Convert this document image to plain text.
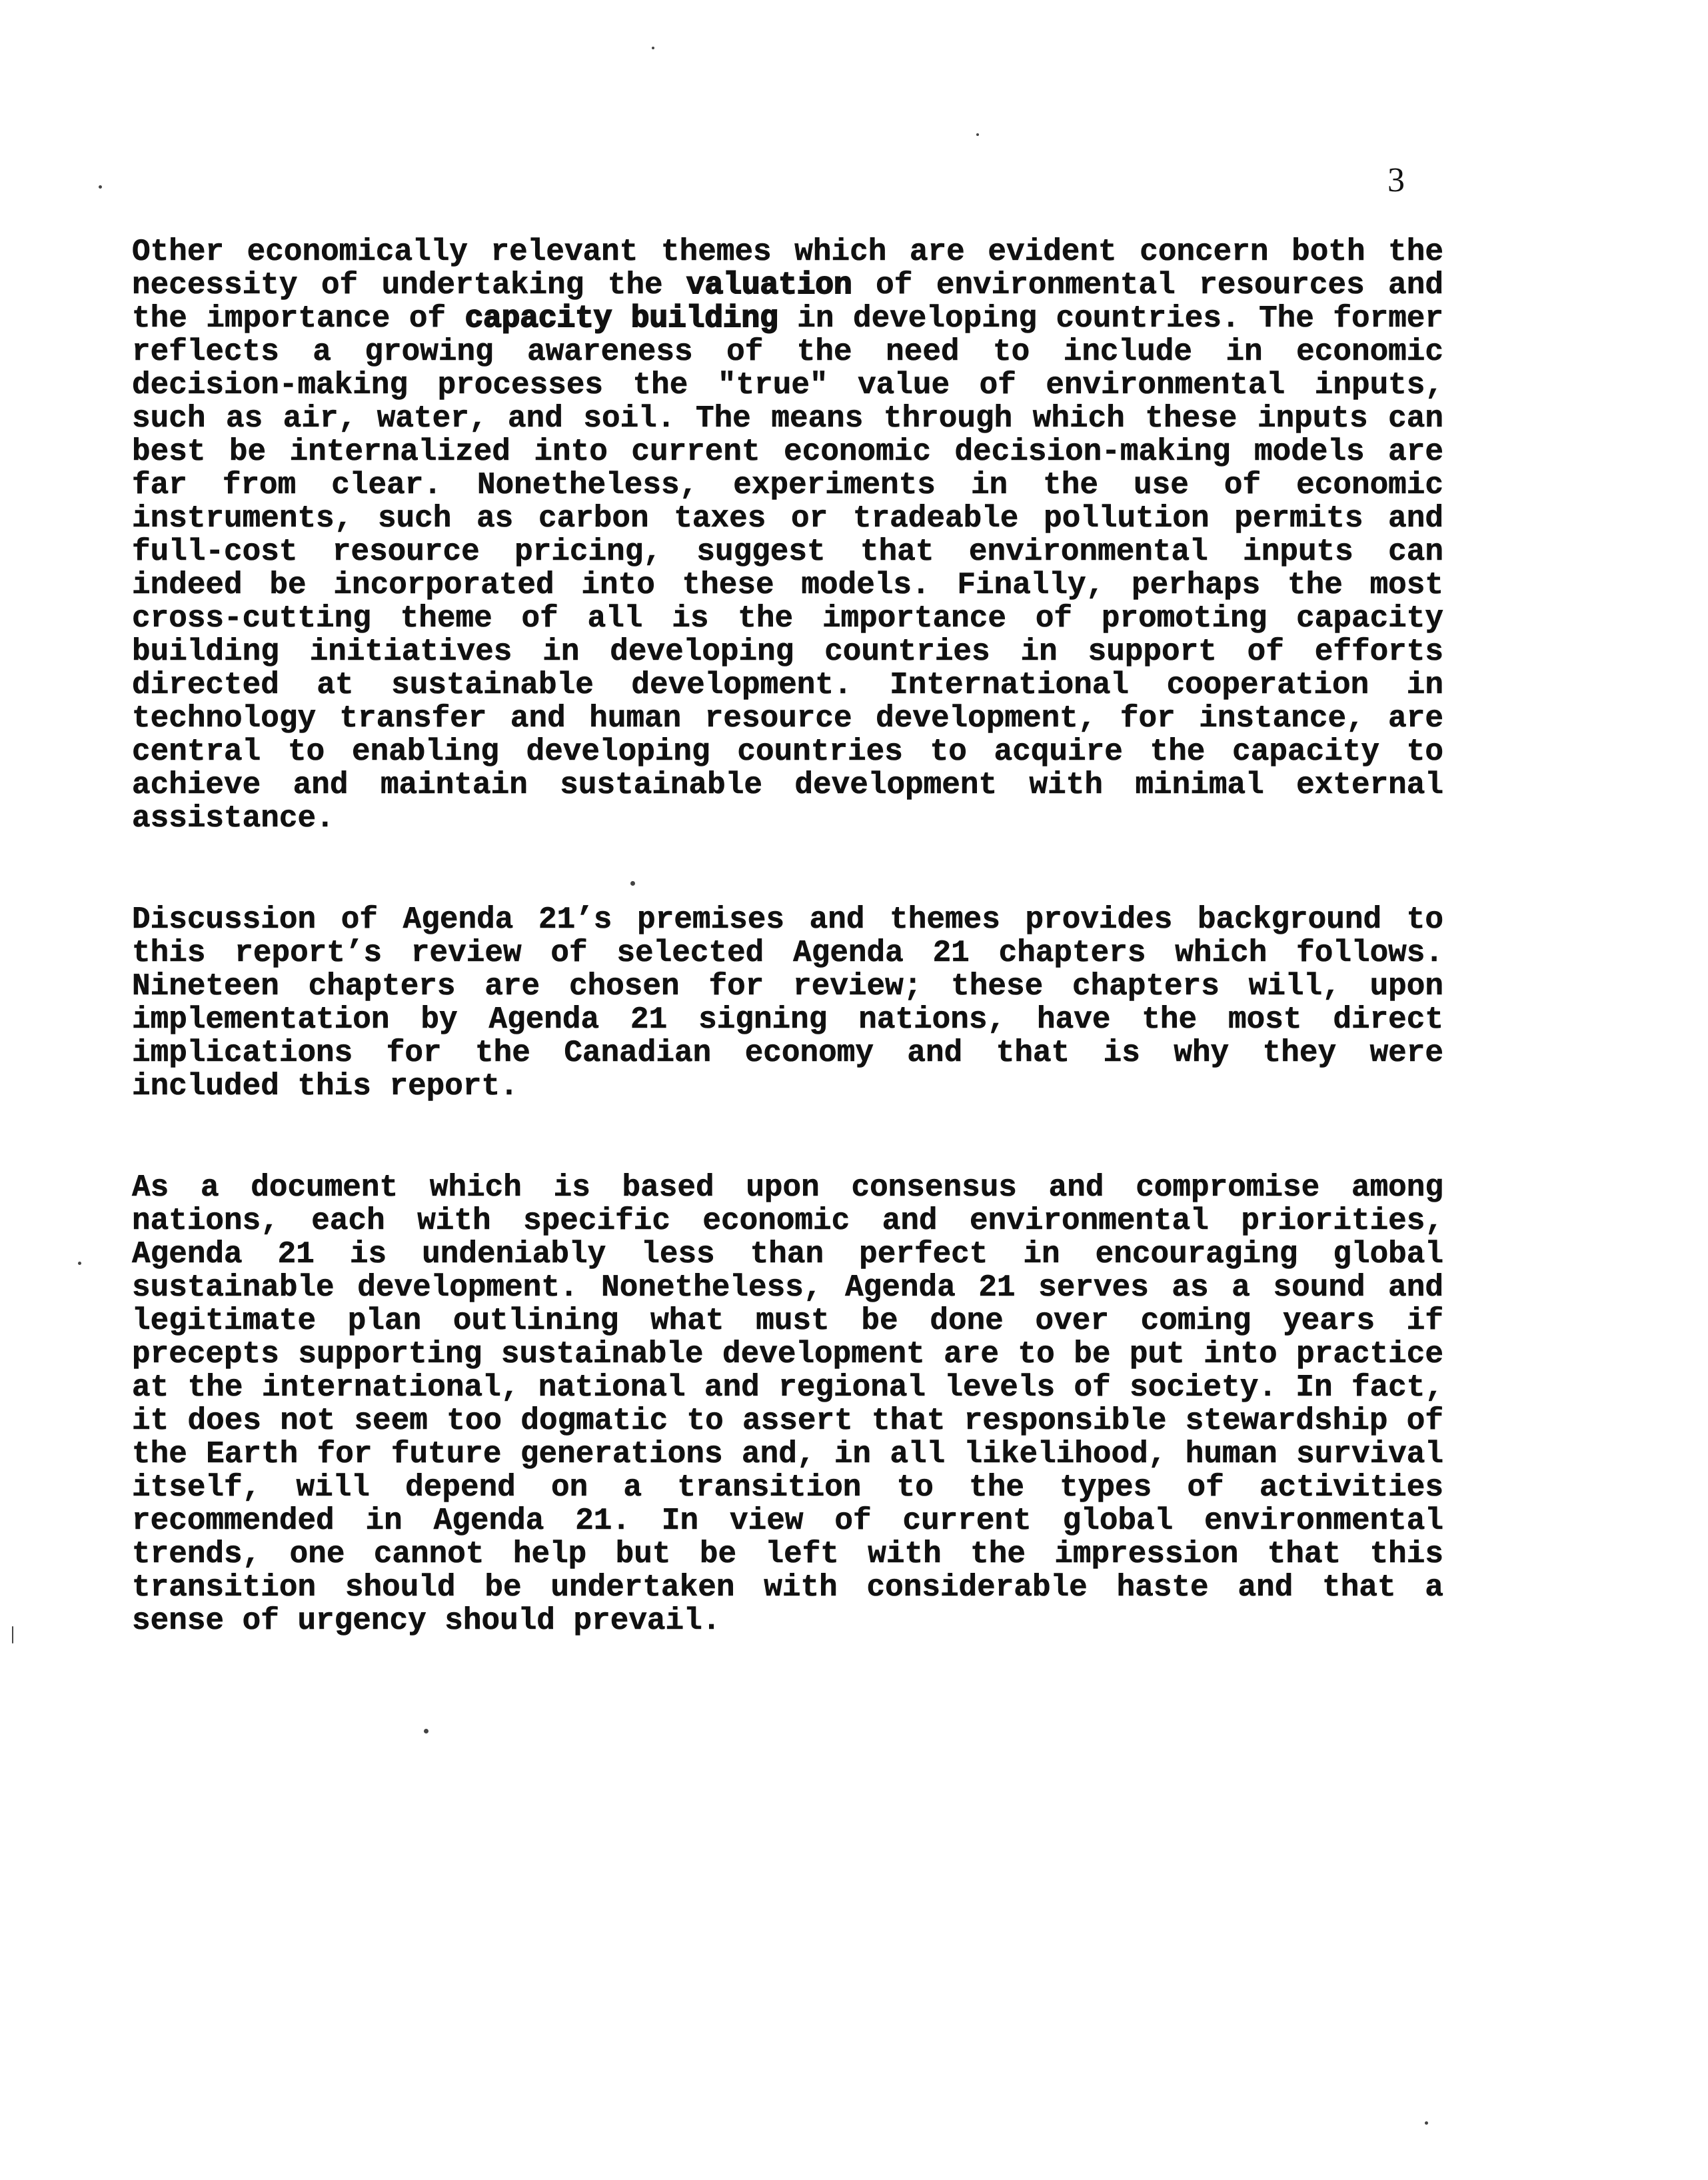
3

Other economically relevant themes which are evident concern both the necessity of undertaking the valuation of environmental resources and the importance of capacity building in developing countries. The former reflects a growing awareness of the need to include in economic decision-making processes the "true" value of environmental inputs, such as air, water, and soil. The means through which these inputs can best be internalized into current economic decision-making models are far from clear. Nonetheless, experiments in the use of economic instruments, such as carbon taxes or tradeable pollution permits and full-cost resource pricing, suggest that environmental inputs can indeed be incorporated into these models. Finally, perhaps the most cross-cutting theme of all is the importance of promoting capacity building initiatives in developing countries in support of efforts directed at sustainable development. International cooperation in technology transfer and human resource development, for instance, are central to enabling developing countries to acquire the capacity to achieve and maintain sustainable development with minimal external assistance.

Discussion of Agenda 21’s premises and themes provides background to this report’s review of selected Agenda 21 chapters which follows. Nineteen chapters are chosen for review; these chapters will, upon implementation by Agenda 21 signing nations, have the most direct implications for the Canadian economy and that is why they were included this report.

As a document which is based upon consensus and compromise among nations, each with specific economic and environmental priorities, Agenda 21 is undeniably less than perfect in encouraging global sustainable development. Nonetheless, Agenda 21 serves as a sound and legitimate plan outlining what must be done over coming years if precepts supporting sustainable development are to be put into practice at the international, national and regional levels of society. In fact, it does not seem too dogmatic to assert that responsible stewardship of the Earth for future generations and, in all likelihood, human survival itself, will depend on a transition to the types of activities recommended in Agenda 21. In view of current global environmental trends, one cannot help but be left with the impression that this transition should be undertaken with considerable haste and that a sense of urgency should prevail.
